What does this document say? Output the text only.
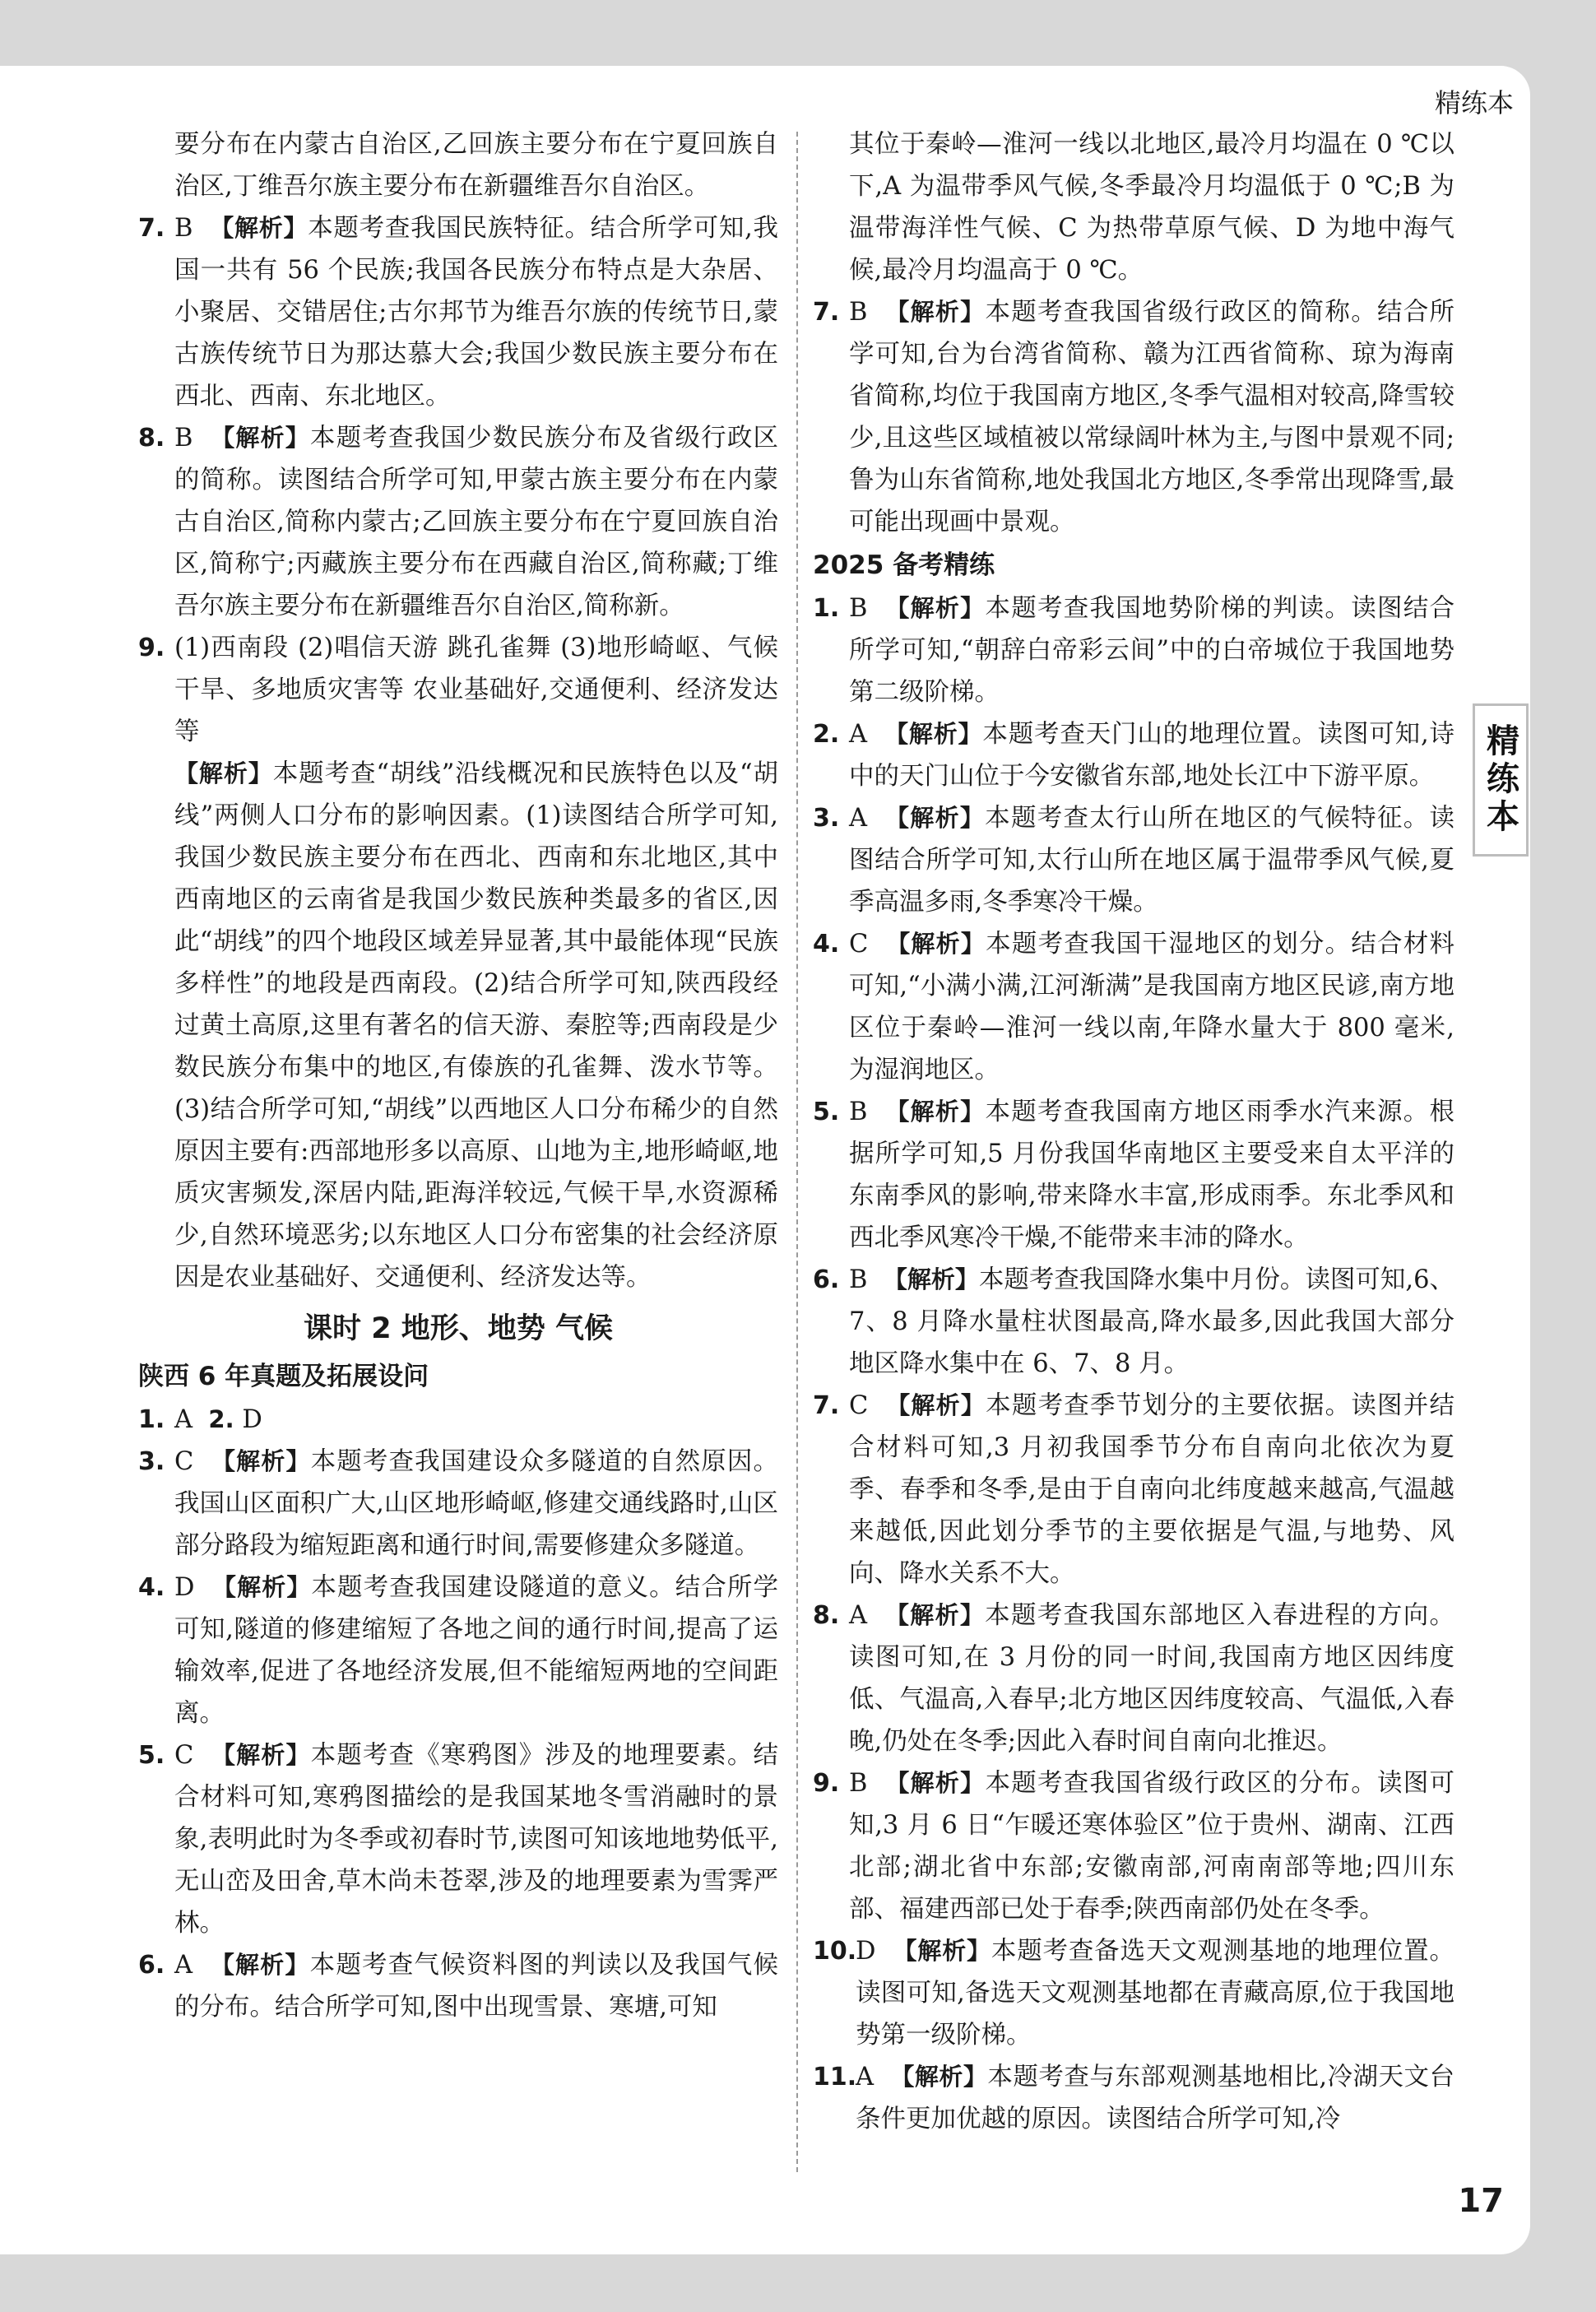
精练本
精练本

要分布在内蒙古自治区,乙回族主要分布在宁夏回族自治区,丁维吾尔族主要分布在新疆维吾尔自治区。

7. B 【解析】本题考查我国民族特征。结合所学可知,我国一共有 56 个民族;我国各民族分布特点是大杂居、小聚居、交错居住;古尔邦节为维吾尔族的传统节日,蒙古族传统节日为那达慕大会;我国少数民族主要分布在西北、西南、东北地区。

8. B 【解析】本题考查我国少数民族分布及省级行政区的简称。读图结合所学可知,甲蒙古族主要分布在内蒙古自治区,简称内蒙古;乙回族主要分布在宁夏回族自治区,简称宁;丙藏族主要分布在西藏自治区,简称藏;丁维吾尔族主要分布在新疆维吾尔自治区,简称新。

9. (1)西南段 (2)唱信天游 跳孔雀舞 (3)地形崎岖、气候干旱、多地质灾害等 农业基础好,交通便利、经济发达等

【解析】本题考查“胡线”沿线概况和民族特色以及“胡线”两侧人口分布的影响因素。(1)读图结合所学可知,我国少数民族主要分布在西北、西南和东北地区,其中西南地区的云南省是我国少数民族种类最多的省区,因此“胡线”的四个地段区域差异显著,其中最能体现“民族多样性”的地段是西南段。(2)结合所学可知,陕西段经过黄土高原,这里有著名的信天游、秦腔等;西南段是少数民族分布集中的地区,有傣族的孔雀舞、泼水节等。(3)结合所学可知,“胡线”以西地区人口分布稀少的自然原因主要有:西部地形多以高原、山地为主,地形崎岖,地质灾害频发,深居内陆,距海洋较远,气候干旱,水资源稀少,自然环境恶劣;以东地区人口分布密集的社会经济原因是农业基础好、交通便利、经济发达等。

课时 2 地形、地势 气候
陕西 6 年真题及拓展设问

1. A 2. D

3. C 【解析】本题考查我国建设众多隧道的自然原因。我国山区面积广大,山区地形崎岖,修建交通线路时,山区部分路段为缩短距离和通行时间,需要修建众多隧道。

4. D 【解析】本题考查我国建设隧道的意义。结合所学可知,隧道的修建缩短了各地之间的通行时间,提高了运输效率,促进了各地经济发展,但不能缩短两地的空间距离。

5. C 【解析】本题考查《寒鸦图》涉及的地理要素。结合材料可知,寒鸦图描绘的是我国某地冬雪消融时的景象,表明此时为冬季或初春时节,读图可知该地地势低平,无山峦及田舍,草木尚未苍翠,涉及的地理要素为雪霁严林。

6. A 【解析】本题考查气候资料图的判读以及我国气候的分布。结合所学可知,图中出现雪景、寒塘,可知

其位于秦岭—淮河一线以北地区,最冷月均温在 0 ℃以下,A 为温带季风气候,冬季最冷月均温低于 0 ℃;B 为温带海洋性气候、C 为热带草原气候、D 为地中海气候,最冷月均温高于 0 ℃。

7. B 【解析】本题考查我国省级行政区的简称。结合所学可知,台为台湾省简称、赣为江西省简称、琼为海南省简称,均位于我国南方地区,冬季气温相对较高,降雪较少,且这些区域植被以常绿阔叶林为主,与图中景观不同;鲁为山东省简称,地处我国北方地区,冬季常出现降雪,最可能出现画中景观。

2025 备考精练

1. B 【解析】本题考查我国地势阶梯的判读。读图结合所学可知,“朝辞白帝彩云间”中的白帝城位于我国地势第二级阶梯。

2. A 【解析】本题考查天门山的地理位置。读图可知,诗中的天门山位于今安徽省东部,地处长江中下游平原。

3. A 【解析】本题考查太行山所在地区的气候特征。读图结合所学可知,太行山所在地区属于温带季风气候,夏季高温多雨,冬季寒冷干燥。

4. C 【解析】本题考查我国干湿地区的划分。结合材料可知,“小满小满,江河渐满”是我国南方地区民谚,南方地区位于秦岭—淮河一线以南,年降水量大于 800 毫米,为湿润地区。

5. B 【解析】本题考查我国南方地区雨季水汽来源。根据所学可知,5 月份我国华南地区主要受来自太平洋的东南季风的影响,带来降水丰富,形成雨季。东北季风和西北季风寒冷干燥,不能带来丰沛的降水。

6. B 【解析】本题考查我国降水集中月份。读图可知,6、7、8 月降水量柱状图最高,降水最多,因此我国大部分地区降水集中在 6、7、8 月。

7. C 【解析】本题考查季节划分的主要依据。读图并结合材料可知,3 月初我国季节分布自南向北依次为夏季、春季和冬季,是由于自南向北纬度越来越高,气温越来越低,因此划分季节的主要依据是气温,与地势、风向、降水关系不大。

8. A 【解析】本题考查我国东部地区入春进程的方向。读图可知,在 3 月份的同一时间,我国南方地区因纬度低、气温高,入春早;北方地区因纬度较高、气温低,入春晚,仍处在冬季;因此入春时间自南向北推迟。

9. B 【解析】本题考查我国省级行政区的分布。读图可知,3 月 6 日“乍暖还寒体验区”位于贵州、湖南、江西北部;湖北省中东部;安徽南部,河南南部等地;四川东部、福建西部已处于春季;陕西南部仍处在冬季。

10.
D 【解析】本题考查备选天文观测基地的地理位置。读图可知,备选天文观测基地都在青藏高原,位于我国地势第一级阶梯。

11.
A 【解析】本题考查与东部观测基地相比,冷湖天文台条件更加优越的原因。读图结合所学可知,冷

17
